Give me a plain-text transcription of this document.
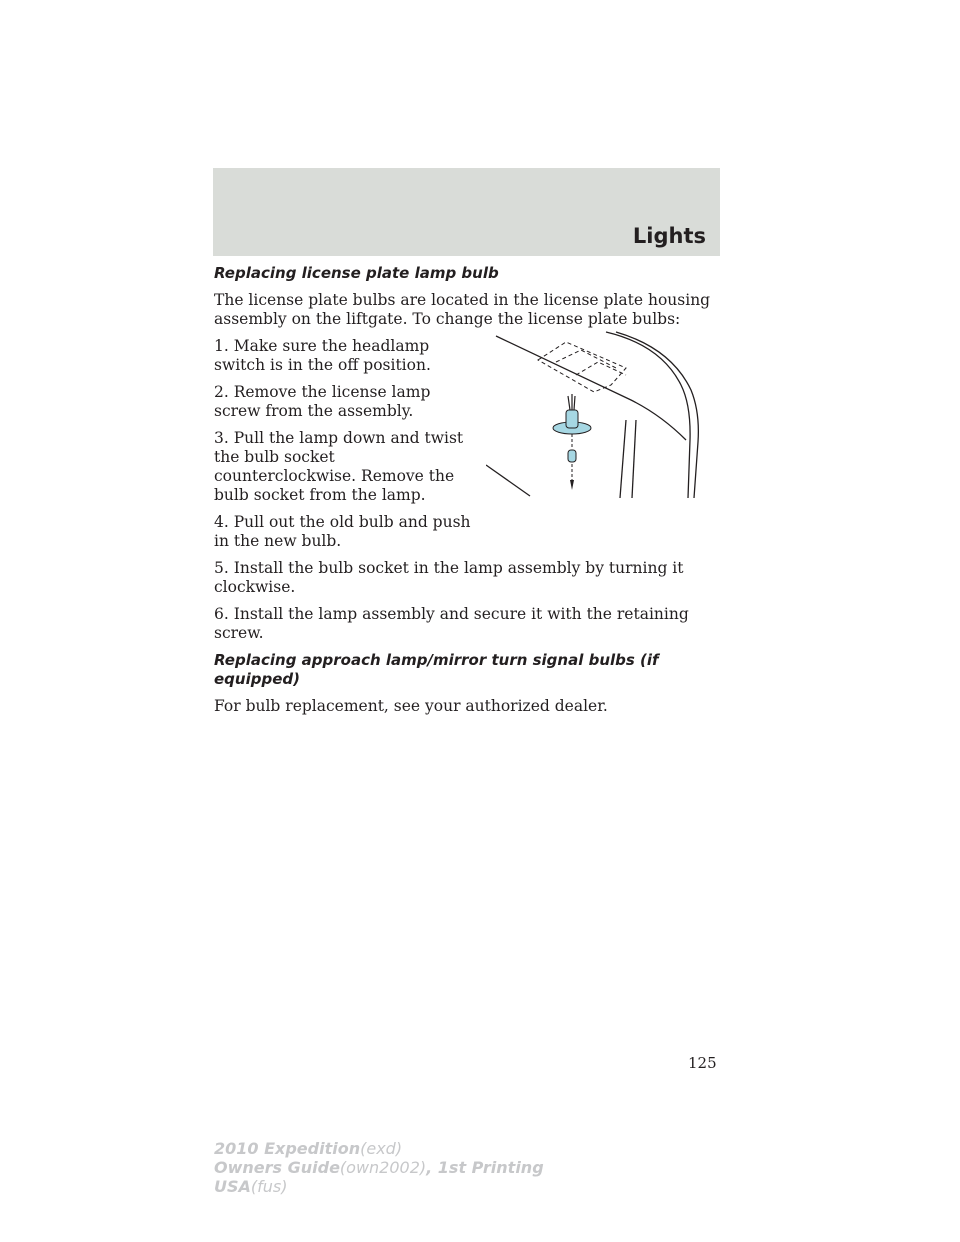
Lights
Replacing license plate lamp bulb

The license plate bulbs are located in the license plate housing assembly on the liftgate. To change the license plate bulbs:

1. Make sure the headlamp switch is in the off position.

2. Remove the license lamp screw from the assembly.

3. Pull the lamp down and twist the bulb socket counterclockwise. Remove the bulb socket from the lamp.

4. Pull out the old bulb and push in the new bulb.

5. Install the bulb socket in the lamp assembly by turning it clockwise.

6. Install the lamp assembly and secure it with the retaining screw.

Replacing approach lamp/mirror turn signal bulbs (if equipped)

For bulb replacement, see your authorized dealer.

125
2010 Expedition(exd)
Owners Guide(own2002), 1st Printing
USA(fus)
